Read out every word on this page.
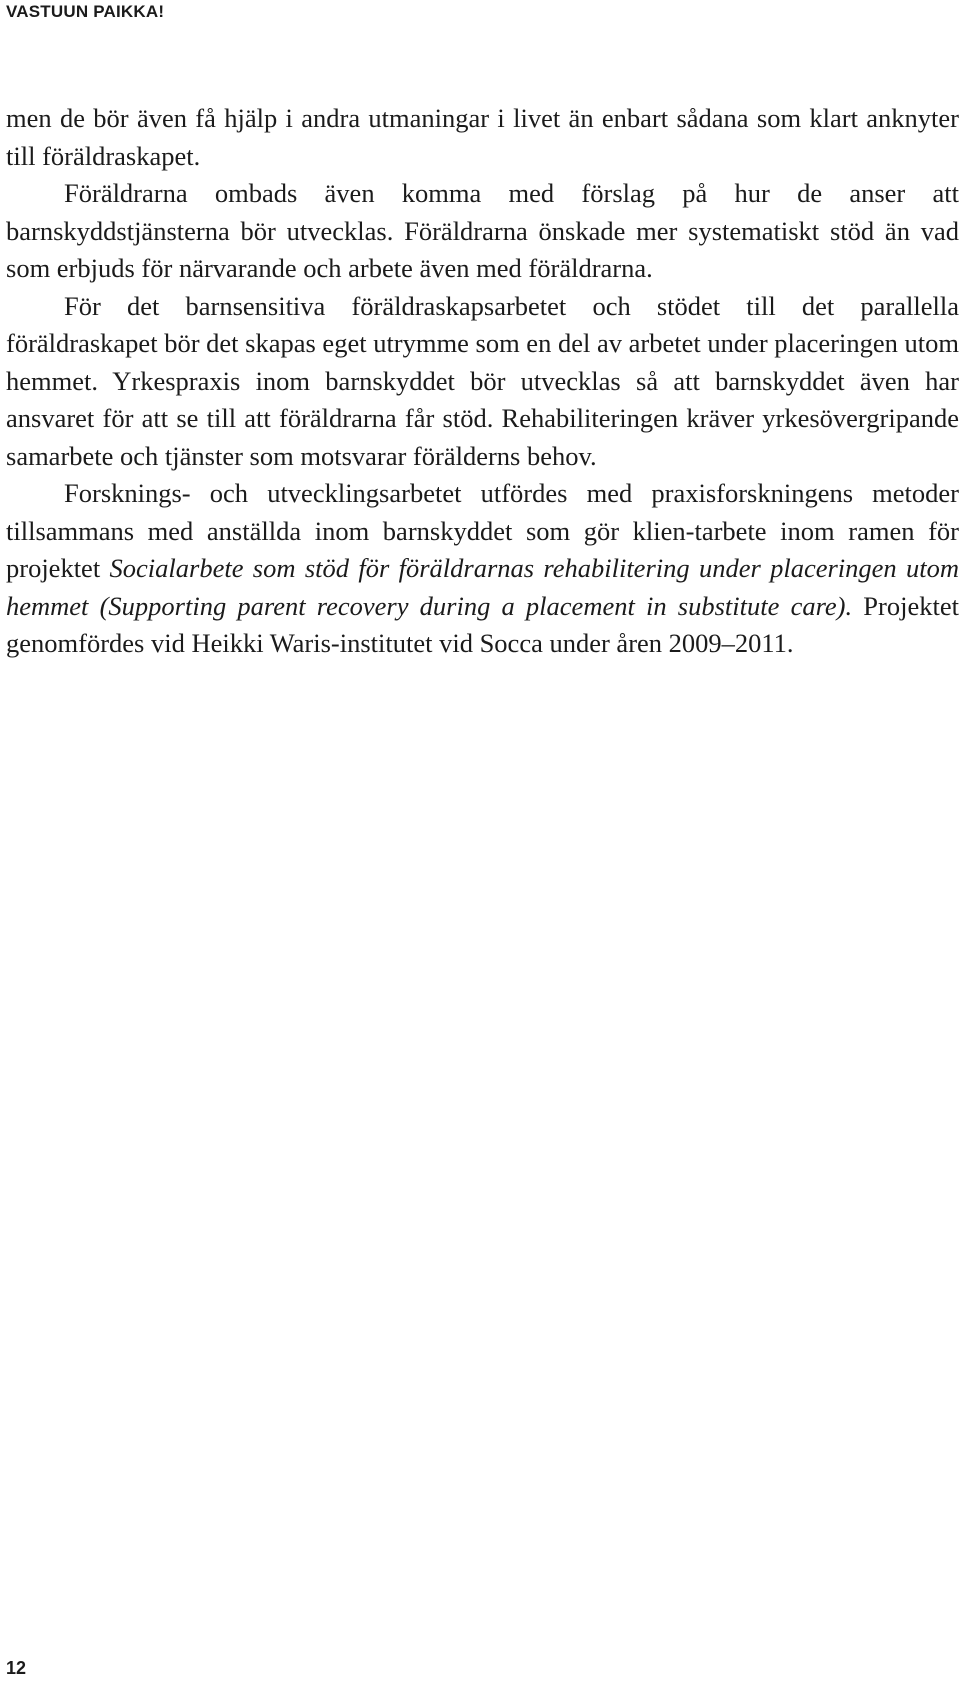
VASTUUN PAIKKA!

men de bör även få hjälp i andra utmaningar i livet än enbart sådana som klart anknyter till föräldraskapet.

Föräldrarna ombads även komma med förslag på hur de anser att barnskyddstjänsterna bör utvecklas. Föräldrarna önskade mer systematiskt stöd än vad som erbjuds för närvarande och arbete även med föräldrarna.

För det barnsensitiva föräldraskapsarbetet och stödet till det parallella föräldraskapet bör det skapas eget utrymme som en del av arbetet under placeringen utom hemmet. Yrkespraxis inom barnskyddet bör utvecklas så att barnskyddet även har ansvaret för att se till att föräldrarna får stöd. Rehabiliteringen kräver yrkesövergripande samarbete och tjänster som motsvarar förälderns behov.

Forsknings- och utvecklingsarbetet utfördes med praxisforskningens metoder tillsammans med anställda inom barnskyddet som gör klien-tarbete inom ramen för projektet Socialarbete som stöd för föräldrarnas rehabilitering under placeringen utom hemmet (Supporting parent recovery during a placement in substitute care). Projektet genomfördes vid Heikki Waris-institutet vid Socca under åren 2009–2011.

12
